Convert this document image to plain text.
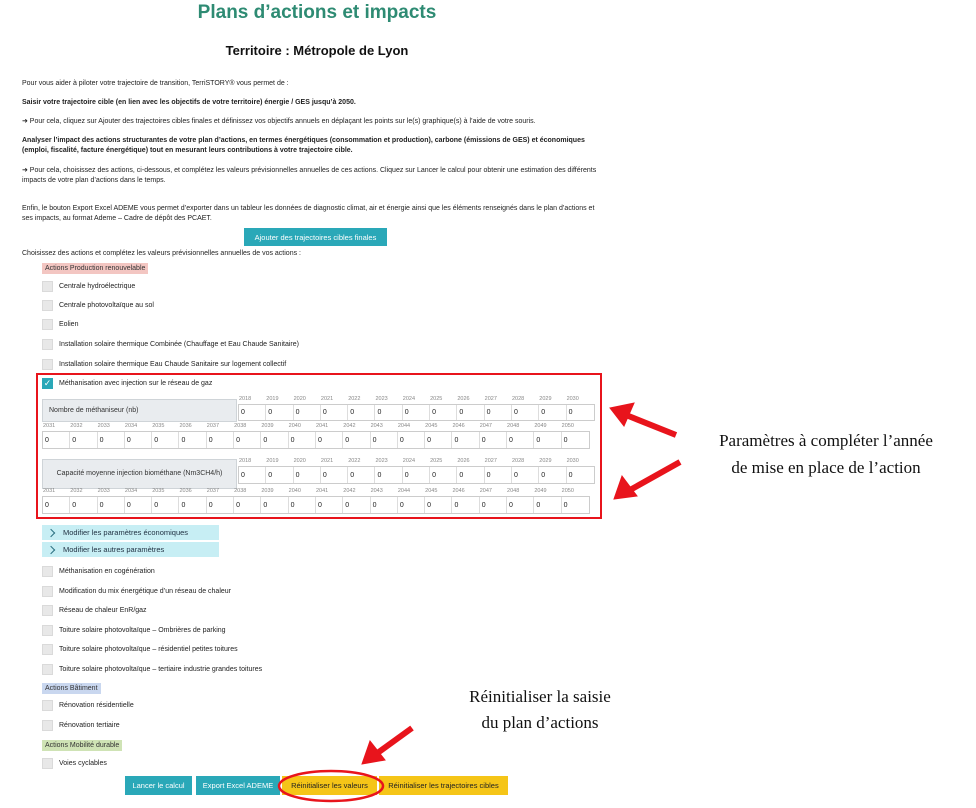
Plans d’actions et impacts
Territoire : Métropole de Lyon
Pour vous aider à piloter votre trajectoire de transition, TerriSTORY® vous permet de :
Saisir votre trajectoire cible (en lien avec les objectifs de votre territoire) énergie / GES jusqu’à 2050.
➜ Pour cela, cliquez sur Ajouter des trajectoires cibles finales et définissez vos objectifs annuels en déplaçant les points sur le(s) graphique(s) à l’aide de votre souris.
Analyser l’impact des actions structurantes de votre plan d’actions, en termes énergétiques (consommation et production), carbone (émissions de GES) et économiques (emploi, fiscalité, facture énergétique) tout en mesurant leurs contributions à votre trajectoire cible.
➜ Pour cela, choisissez des actions, ci-dessous, et complétez les valeurs prévisionnelles annuelles de ces actions. Cliquez sur Lancer le calcul pour obtenir une estimation des différents impacts de votre plan d’actions dans le temps.
Enfin, le bouton Export Excel ADEME vous permet d’exporter dans un tableur les données de diagnostic climat, air et énergie ainsi que les éléments renseignés dans le plan d’actions et ses impacts, au format Ademe – Cadre de dépôt des PCAET.
Ajouter des trajectoires cibles finales
Choisissez des actions et complétez les valeurs prévisionnelles annuelles de vos actions :
Actions Production renouvelable
Centrale hydroélectrique
Centrale photovoltaïque au sol
Eolien
Installation solaire thermique Combinée (Chauffage et Eau Chaude Sanitaire)
Installation solaire thermique Eau Chaude Sanitaire sur logement collectif
✓ Méthanisation avec injection sur le réseau de gaz
Nombre de méthaniseur (nb)
2018	2019	2020	2021	2022	2023	2024	2025	2026	2027	2028	2029	2030
0	0	0	0	0	0	0	0	0	0	0	0	0
2031	2032	2033	2034	2035	2036	2037	2038	2039	2040	2041	2042	2043	2044	2045	2046	2047	2048	2049	2050
0	0	0	0	0	0	0	0	0	0	0	0	0	0	0	0	0	0	0	0
Capacité moyenne injection biométhane (Nm3CH4/h)
2018	2019	2020	2021	2022	2023	2024	2025	2026	2027	2028	2029	2030
0	0	0	0	0	0	0	0	0	0	0	0	0
2031	2032	2033	2034	2035	2036	2037	2038	2039	2040	2041	2042	2043	2044	2045	2046	2047	2048	2049	2050
0	0	0	0	0	0	0	0	0	0	0	0	0	0	0	0	0	0	0	0
Modifier les paramètres économiques
Modifier les autres paramètres
Méthanisation en cogénération
Modification du mix énergétique d’un réseau de chaleur
Réseau de chaleur EnR/gaz
Toiture solaire photovoltaïque – Ombrières de parking
Toiture solaire photovoltaïque – résidentiel petites toitures
Toiture solaire photovoltaïque – tertiaire industrie grandes toitures
Actions Bâtiment
Rénovation résidentielle
Rénovation tertiaire
Actions Mobilité durable
Voies cyclables
Lancer le calcul	Export Excel ADEME	Réinitialiser les valeurs	Réinitialiser les trajectoires cibles
Paramètres à compléter l’année
de mise en place de l’action
Réinitialiser la saisie
du plan d’actions
